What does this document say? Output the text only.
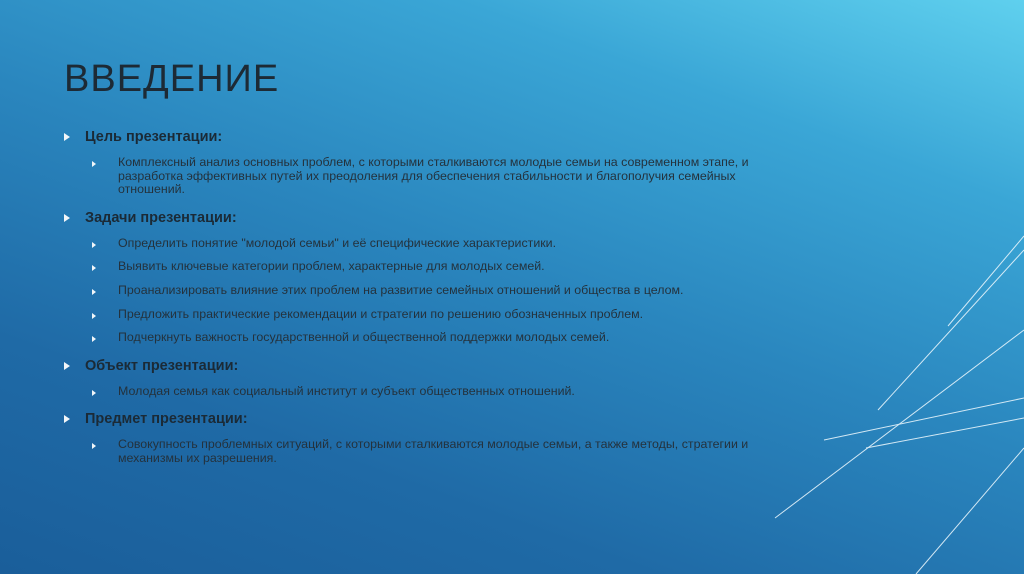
ВВЕДЕНИЕ
Цель презентации:
Комплексный анализ основных проблем, с которыми сталкиваются молодые семьи на современном этапе, и разработка эффективных путей их преодоления для обеспечения стабильности и благополучия семейных отношений.
Задачи презентации:
Определить понятие "молодой семьи" и её специфические характеристики.
Выявить ключевые категории проблем, характерные для молодых семей.
Проанализировать влияние этих проблем на развитие семейных отношений и общества в целом.
Предложить практические рекомендации и стратегии по решению обозначенных проблем.
Подчеркнуть важность государственной и общественной поддержки молодых семей.
Объект презентации:
Молодая семья как социальный институт и субъект общественных отношений.
Предмет презентации:
Совокупность проблемных ситуаций, с которыми сталкиваются молодые семьи, а также методы, стратегии и механизмы их разрешения.
